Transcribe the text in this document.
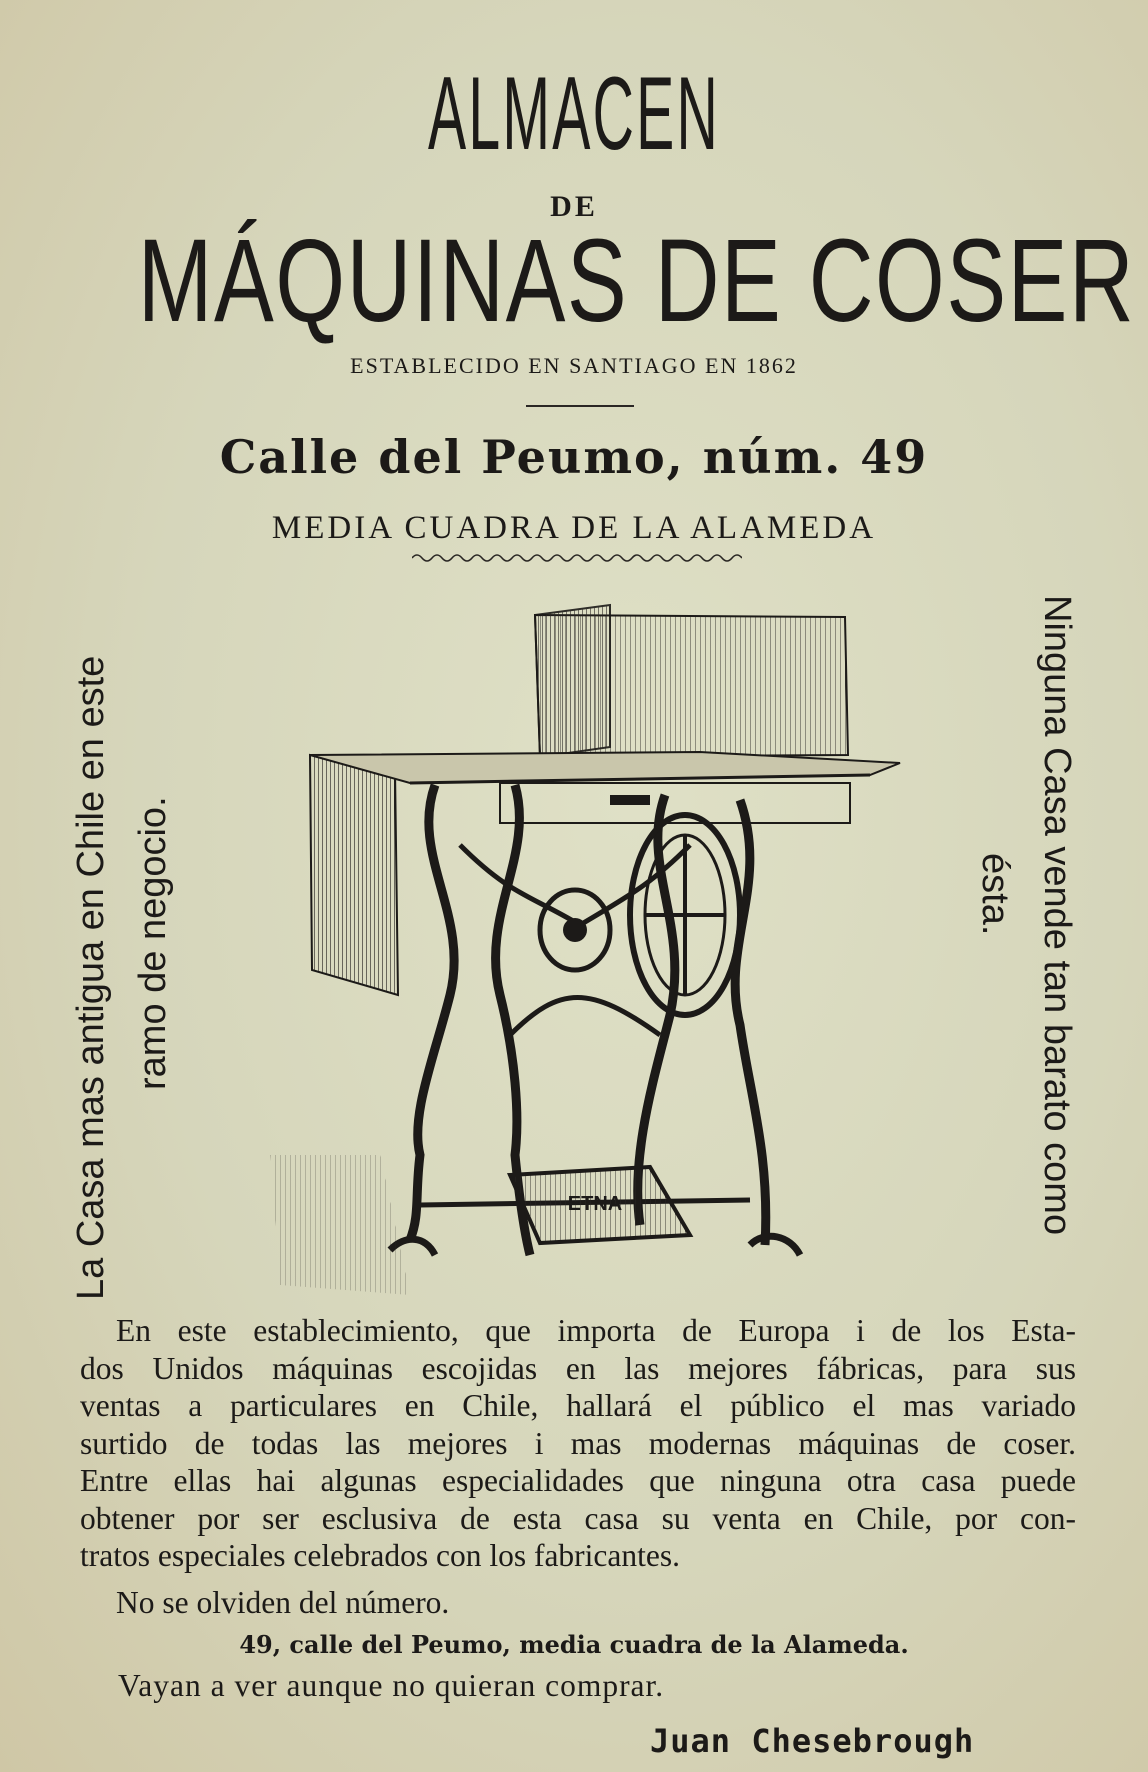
ALMACEN
DE
MÁQUINAS DE COSER
ESTABLECIDO EN SANTIAGO EN 1862
Calle del Peumo, núm. 49
MEDIA CUADRA DE LA ALAMEDA
La Casa mas antigua en Chile en este ramo de negocio.	Ninguna Casa vende tan barato como
ésta.
ETNA

En este establecimiento, que importa de Europa i de los Esta-

dos Unidos máquinas escojidas en las mejores fábricas, para sus

ventas a particulares en Chile, hallará el público el mas variado

surtido de todas las mejores i mas modernas máquinas de coser.

Entre ellas hai algunas especialidades que ninguna otra casa puede

obtener por ser esclusiva de esta casa su venta en Chile, por con-

tratos especiales celebrados con los fabricantes.

No se olviden del número.
49, calle del Peumo, media cuadra de la Alameda.
Vayan a ver aunque no quieran comprar.
Juan Chesebrough
